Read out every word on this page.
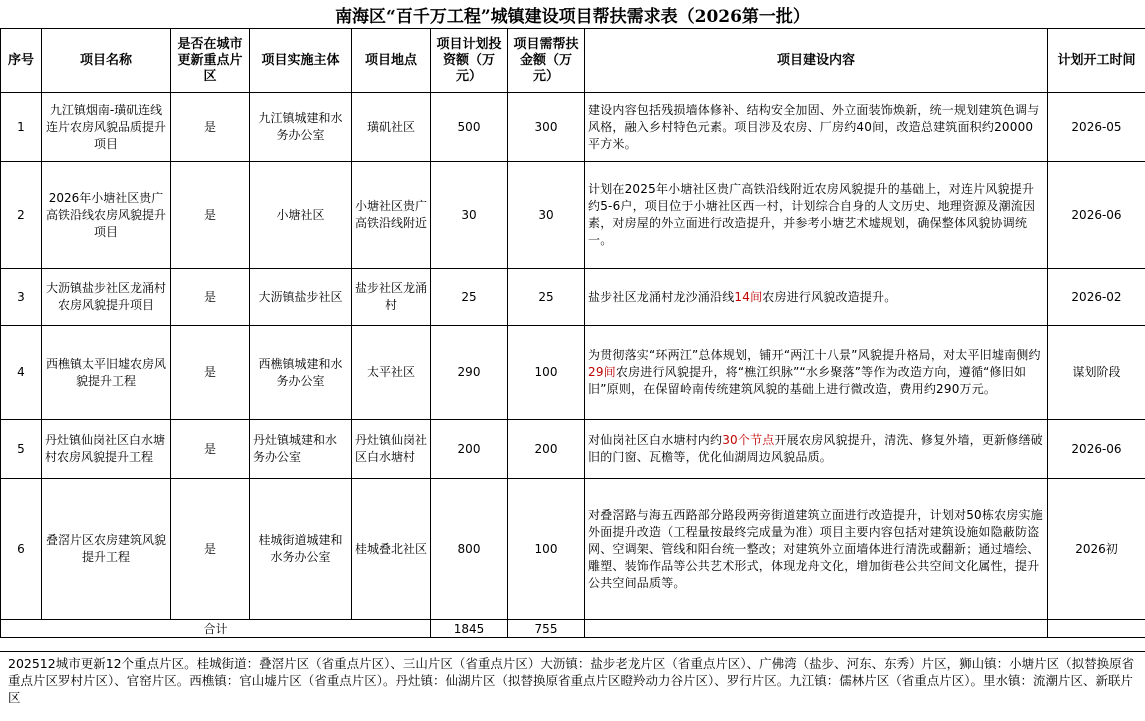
南海区“百千万工程”城镇建设项目帮扶需求表（2026第一批）
序号	项目名称	是否在城市更新重点片区	项目实施主体	项目地点	项目计划投资额（万元）	项目需帮扶金额（万元）	项目建设内容	计划开工时间
1	九江镇烟南-璜矶连线连片农房风貌品质提升项目	是	九江镇城建和水务办公室	璜矶社区	500	300	建设内容包括残损墙体修补、结构安全加固、外立面装饰焕新，统一规划建筑色调与风格，融入乡村特色元素。项目涉及农房、厂房约40间，改造总建筑面积约20000平方米。	2026-05
2	2026年小塘社区贵广高铁沿线农房风貌提升项目	是	小塘社区	小塘社区贵广高铁沿线附近	30	30	计划在2025年小塘社区贵广高铁沿线附近农房风貌提升的基础上，对连片风貌提升约5-6户，项目位于小塘社区西一村，计划综合自身的人文历史、地理资源及潮流因素，对房屋的外立面进行改造提升，并参考小塘艺术墟规划，确保整体风貌协调统一。	2026-06
3	大沥镇盐步社区龙涌村农房风貌提升项目	是	大沥镇盐步社区	盐步社区龙涌村	25	25	盐步社区龙涌村龙沙涌沿线14间农房进行风貌改造提升。	2026-02
4	西樵镇太平旧墟农房风貌提升工程	是	西樵镇城建和水务办公室	太平社区	290	100	为贯彻落实“环两江”总体规划，铺开“两江十八景”风貌提升格局，对太平旧墟南侧约29间农房进行风貌提升，将“樵江织脉”“水乡聚落”等作为改造方向，遵循“修旧如旧”原则，在保留岭南传统建筑风貌的基础上进行微改造，费用约290万元。	谋划阶段
5	丹灶镇仙岗社区白水塘村农房风貌提升工程	是	丹灶镇城建和水务办公室	丹灶镇仙岗社区白水塘村	200	200	对仙岗社区白水塘村内约30个节点开展农房风貌提升，清洗、修复外墙，更新修缮破旧的门窗、瓦檐等，优化仙湖周边风貌品质。	2026-06
6	叠滘片区农房建筑风貌提升工程	是	桂城街道城建和水务办公室	桂城叠北社区	800	100	对叠滘路与海五西路部分路段两旁街道建筑立面进行改造提升，计划对50栋农房实施外面提升改造（工程量按最终完成量为准）项目主要内容包括对建筑设施如隐蔽防盗网、空调架、管线和阳台统一整改；对建筑外立面墙体进行清洗或翻新；通过墙绘、雕塑、装饰作品等公共艺术形式，体现龙舟文化，增加街巷公共空间文化属性，提升公共空间品质等。	2026初
合计					1845	755		
202512城市更新12个重点片区。桂城街道：叠滘片区（省重点片区）、三山片区（省重点片区）大沥镇：盐步老龙片区（省重点片区）、广佛湾（盐步、河东、东秀）片区，狮山镇：小塘片区（拟替换原省重点片区罗村片区）、官窑片区。西樵镇：官山墟片区（省重点片区）。丹灶镇：仙湖片区（拟替换原省重点片区瞪羚动力谷片区）、罗行片区。九江镇：儒林片区（省重点片区）。里水镇：流潮片区、新联片区
